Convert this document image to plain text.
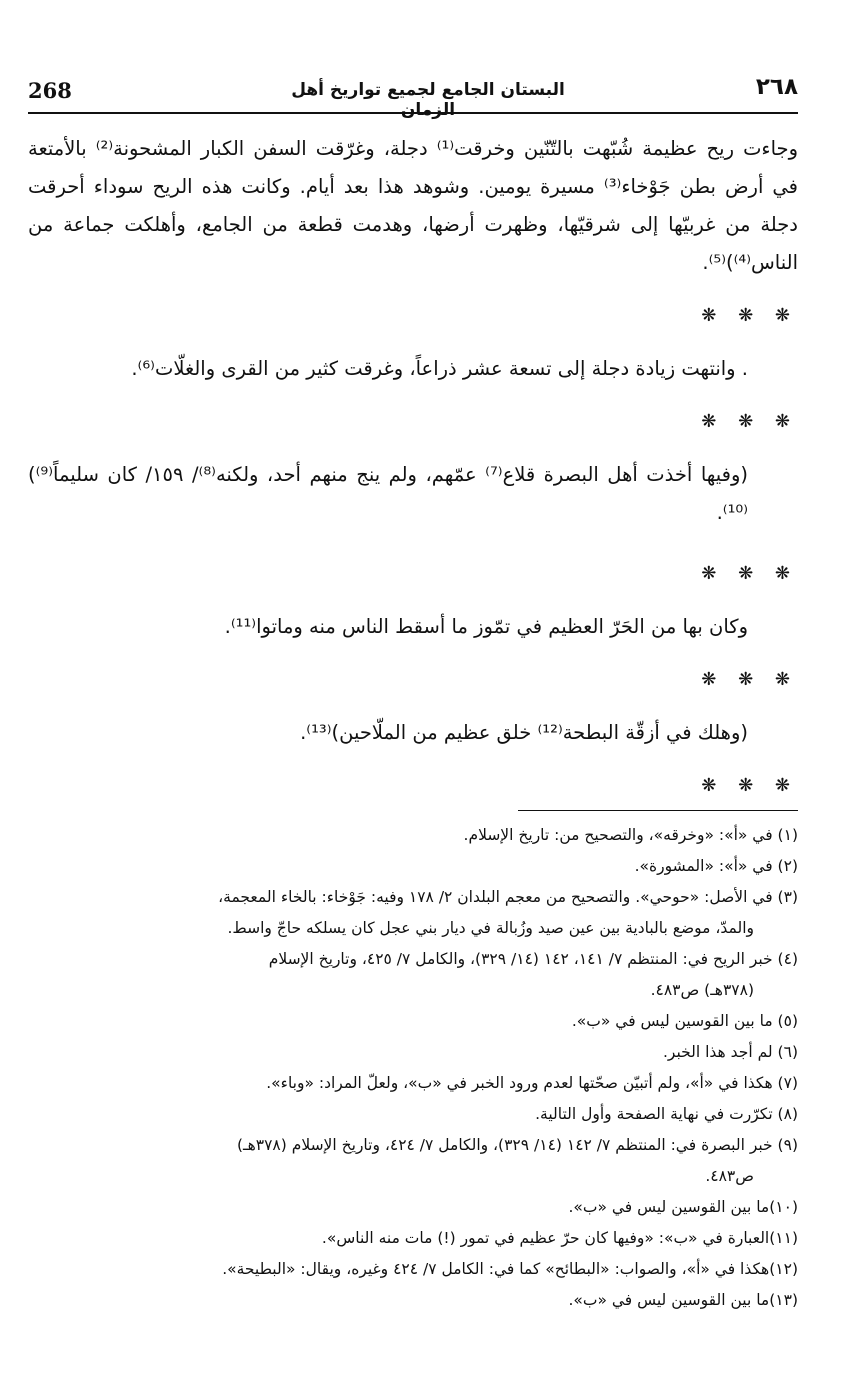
268	البستان الجامع لجميع تواريخ أهل الزمان
٢٦٨

وجاءت ريح عظيمة شُبّهت بالتّنّين وخرقت⁽¹⁾ دجلة، وغرّقت السفن الكبار المشحونة⁽²⁾ بالأمتعة في أرض بطن جَوْخاء⁽³⁾ مسيرة يومين. وشوهد هذا بعد أيام. وكانت هذه الريح سوداء أحرقت دجلة من غربيّها إلى شرقيّها، وظهرت أرضها، وهدمت قطعة من الجامع، وأهلكت جماعة من الناس⁽⁴⁾)⁽⁵⁾.

❋ ❋ ❋

. وانتهت زيادة دجلة إلى تسعة عشر ذراعاً، وغرقت كثير من القرى والغلّات⁽⁶⁾.

❋ ❋ ❋

(وفيها أخذت أهل البصرة قلاع⁽⁷⁾ عمّهم، ولم ينج منهم أحد، ولكنه⁽⁸⁾/ ١٥٩/ كان سليماً⁽⁹⁾)⁽¹⁰⁾.

❋ ❋ ❋

وكان بها من الحَرّ العظيم في تمّوز ما أسقط الناس منه وماتوا⁽¹¹⁾.

❋ ❋ ❋

(وهلك في أزقّة البطحة⁽¹²⁾ خلق عظيم من الملّاحين)⁽¹³⁾.

❋ ❋ ❋

(١) في «أ»: «وخرقه»، والتصحيح من: تاريخ الإسلام.

(٢) في «أ»: «المشورة».

(٣) في الأصل: «حوحي». والتصحيح من معجم البلدان ٢/ ١٧٨ وفيه: جَوْخاء: بالخاء المعجمة،
والمدّ، موضع بالبادية بين عين صيد وزُبالة في ديار بني عجل كان يسلكه حاجّ واسط.

(٤) خبر الريح في: المنتظم ٧/ ١٤١، ١٤٢ (١٤/ ٣٢٩)، والكامل ٧/ ٤٢٥، وتاريخ الإسلام
(٣٧٨هـ) ص٤٨٣.

(٥) ما بين القوسين ليس في «ب».

(٦) لم أجد هذا الخبر.

(٧) هكذا في «أ»، ولم أتبيّن صحّتها لعدم ورود الخبر في «ب»، ولعلّ المراد: «وباء».

(٨) تكرّرت في نهاية الصفحة وأول التالية.

(٩) خبر البصرة في: المنتظم ٧/ ١٤٢ (١٤/ ٣٢٩)، والكامل ٧/ ٤٢٤، وتاريخ الإسلام (٣٧٨هـ)
ص٤٨٣.

(١٠)ما بين القوسين ليس في «ب».

(١١)العبارة في «ب»: «وفيها كان حرّ عظيم في تمور (!) مات منه الناس».

(١٢)هكذا في «أ»، والصواب: «البطائح» كما في: الكامل ٧/ ٤٢٤ وغيره، ويقال: «البطيحة».

(١٣)ما بين القوسين ليس في «ب».
